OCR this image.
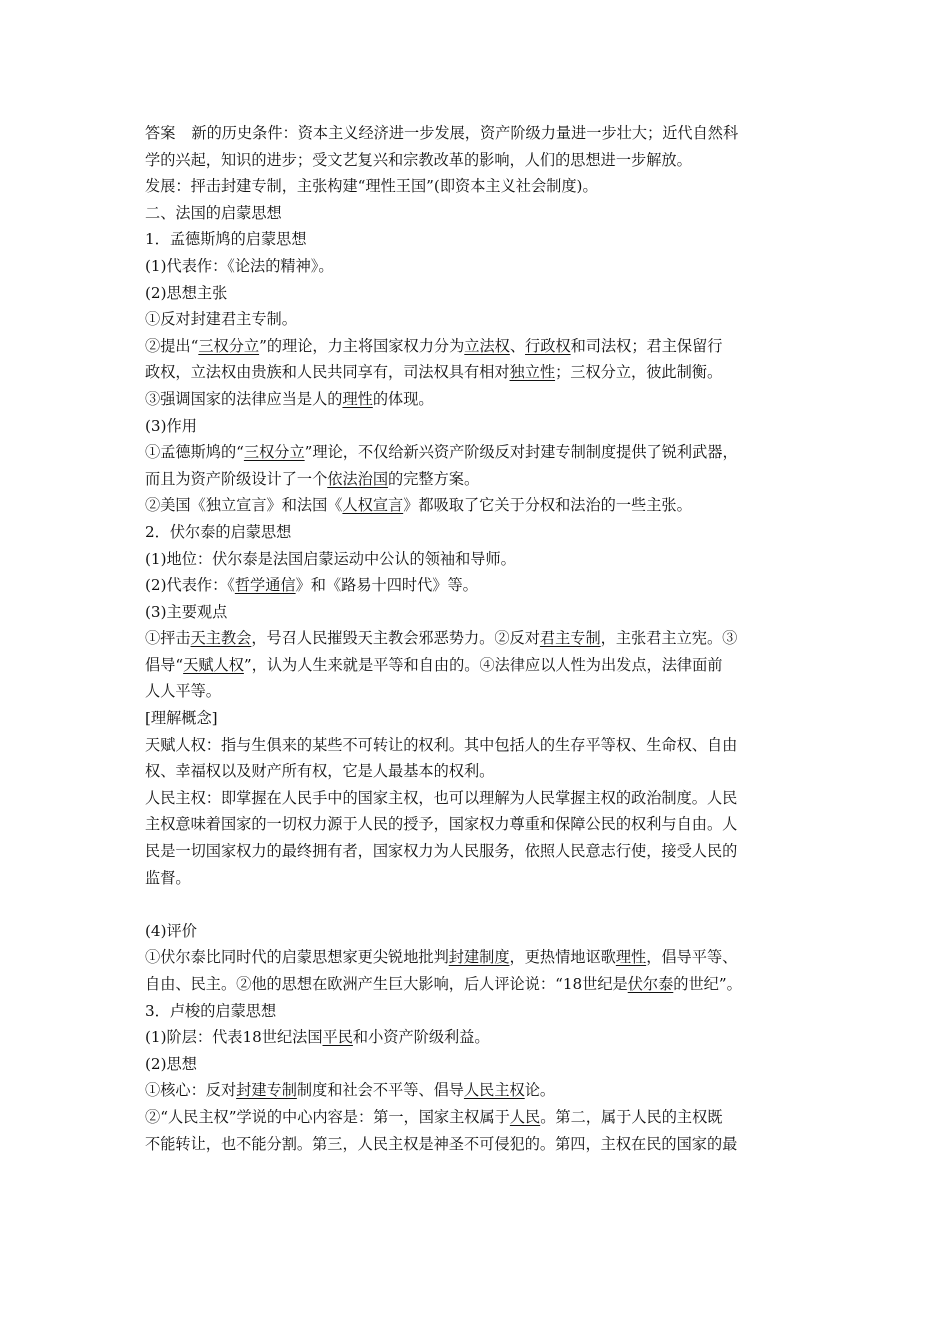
答案 新的历史条件：资本主义经济进一步发展，资产阶级力量进一步壮大；近代自然科
学的兴起，知识的进步；受文艺复兴和宗教改革的影响，人们的思想进一步解放。
发展：抨击封建专制，主张构建“理性王国”(即资本主义社会制度)。
二、法国的启蒙思想
1．孟德斯鸠的启蒙思想
(1)代表作：《论法的精神》。
(2)思想主张
①反对封建君主专制。
②提出“三权分立”的理论，力主将国家权力分为立法权、行政权和司法权；君主保留行
政权，立法权由贵族和人民共同享有，司法权具有相对独立性；三权分立，彼此制衡。
③强调国家的法律应当是人的理性的体现。
(3)作用
①孟德斯鸠的“三权分立”理论，不仅给新兴资产阶级反对封建专制制度提供了锐利武器，
而且为资产阶级设计了一个依法治国的完整方案。
②美国《独立宣言》和法国《人权宣言》都吸取了它关于分权和法治的一些主张。
2．伏尔泰的启蒙思想
(1)地位：伏尔泰是法国启蒙运动中公认的领袖和导师。
(2)代表作：《哲学通信》和《路易十四时代》等。
(3)主要观点
①抨击天主教会，号召人民摧毁天主教会邪恶势力。②反对君主专制，主张君主立宪。③
倡导“天赋人权”，认为人生来就是平等和自由的。④法律应以人性为出发点，法律面前
人人平等。
[理解概念]
天赋人权：指与生俱来的某些不可转让的权利。其中包括人的生存平等权、生命权、自由
权、幸福权以及财产所有权，它是人最基本的权利。
人民主权：即掌握在人民手中的国家主权，也可以理解为人民掌握主权的政治制度。人民
主权意味着国家的一切权力源于人民的授予，国家权力尊重和保障公民的权利与自由。人
民是一切国家权力的最终拥有者，国家权力为人民服务，依照人民意志行使，接受人民的
监督。
(4)评价
①伏尔泰比同时代的启蒙思想家更尖锐地批判封建制度，更热情地讴歌理性，倡导平等、
自由、民主。②他的思想在欧洲产生巨大影响，后人评论说：“18世纪是伏尔泰的世纪”。
3．卢梭的启蒙思想
(1)阶层：代表18世纪法国平民和小资产阶级利益。
(2)思想
①核心：反对封建专制制度和社会不平等、倡导人民主权论。
②“人民主权”学说的中心内容是：第一，国家主权属于人民。第二，属于人民的主权既
不能转让，也不能分割。第三，人民主权是神圣不可侵犯的。第四，主权在民的国家的最
